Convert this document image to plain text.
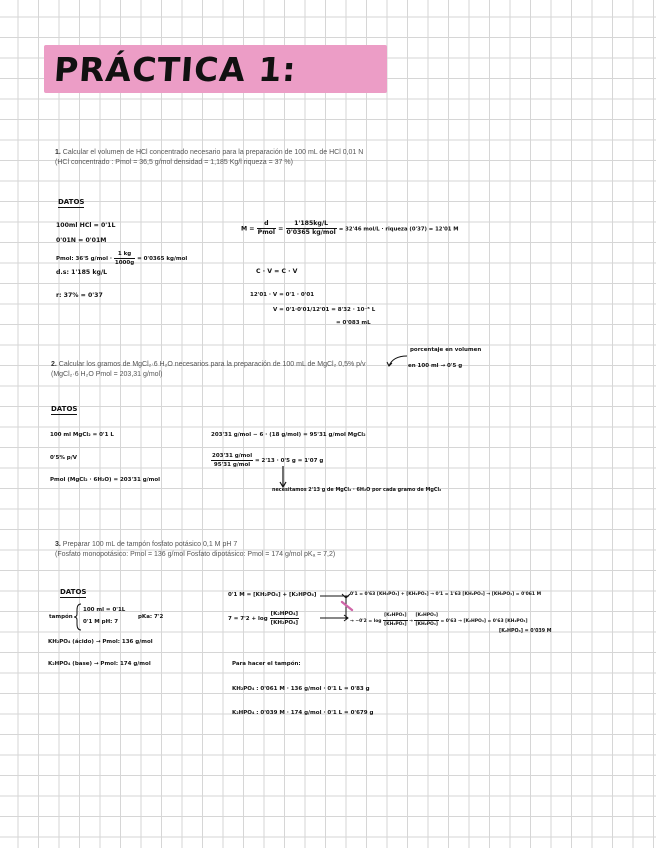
PRÁCTICA 1:
1. Calcular el volumen de HCl concentrado necesario para la preparación de 100 mL de HCl 0,01 N
(HCl concentrado : Pmol = 36,5 g/mol densidad = 1,185 Kg/l riqueza = 37 %)
DATOS
100ml HCl = 0'1L
0'01N = 0'01M
Pmol: 36'5 $g/mol \cdot \frac{1 kg}{1000g} = 0'0365$ kg/mol
d.s: 1'185 kg/L
r: 37% = 0'37
$M = \frac{d}{\text{Pmol}} = \frac{1'185kg/L}{\text{0'0365 kg/mol}} = 32'46$ mol/L · riqueza (0'37) = 12'01 M
C · V = C · V
12'01 · V = 0'1 · 0'01
V = 0'1·0'01/12'01 = 8'32 · 10⁻⁵ L
= 0'083 mL
2. Calcular los gramos de MgCl₂·6 H₂O necesarios para la preparación de 100 mL de MgCl₂ 0,5% p/v
(MgCl₂·6 H₂O Pmol = 203,31 g/mol)
porcentaje en volumen
en 100 ml → 0'5 g
DATOS
100 ml MgCl₂ = 0'1 L
0'5% p/V
Pmol (MgCl₂ · 6H₂O) = 203'31 g/mol
203'31 g/mol − 6 · (18 g/mol) = 95'31 g/mol MgCl₂
$\frac{\text{203'31 g/mol}}{\text{95'31 g/mol}} = 2'13 \cdot 0'5$ g = 1'07 g
necesitamos 2'13 g de MgCl₂ · 6H₂O por cada gramo de MgCl₂
3. Preparar 100 mL de tampón fosfato potásico 0,1 M pH 7
(Fosfato monopotásico: Pmol = 136 g/mol Fosfato dipotásico: Pmol = 174 g/mol pKₐ = 7,2)
DATOS
tampón
100 ml = 0'1L
0'1 M pH: 7
pKa: 7'2
KH₂PO₄ (ácido) → Pmol: 136 g/mol
K₂HPO₄ (base) → Pmol: 174 g/mol
0'1 M = [KH₂PO₄] + [K₂HPO₄]	0'1 = 0'63 [KH₂PO₄] + [KH₂PO₄] → 0'1 = 1'63 [KH₂PO₄] → [KH₂PO₄] = 0'061 M
$7 = 7'2 + \log \frac{\text{[K₂HPO₄]}}{\text{[KH₂PO₄]}}$	→ $-0'2 = \log \frac{\text{[K₂HPO₄]}}{\text{[KH₂PO₄]}} \to \frac{\text{[K₂HPO₄]}}{\text{[KH₂PO₄]}} = 0'63 \to [K_2HPO_4] = 0'63$ [KH₂PO₄]
[K₂HPO₄] = 0'039 M
Para hacer el tampón:
KH₂PO₄ : 0'061 M · 136 g/mol · 0'1 L = 0'83 g
K₂HPO₄ : 0'039 M · 174 g/mol · 0'1 L = 0'679 g
